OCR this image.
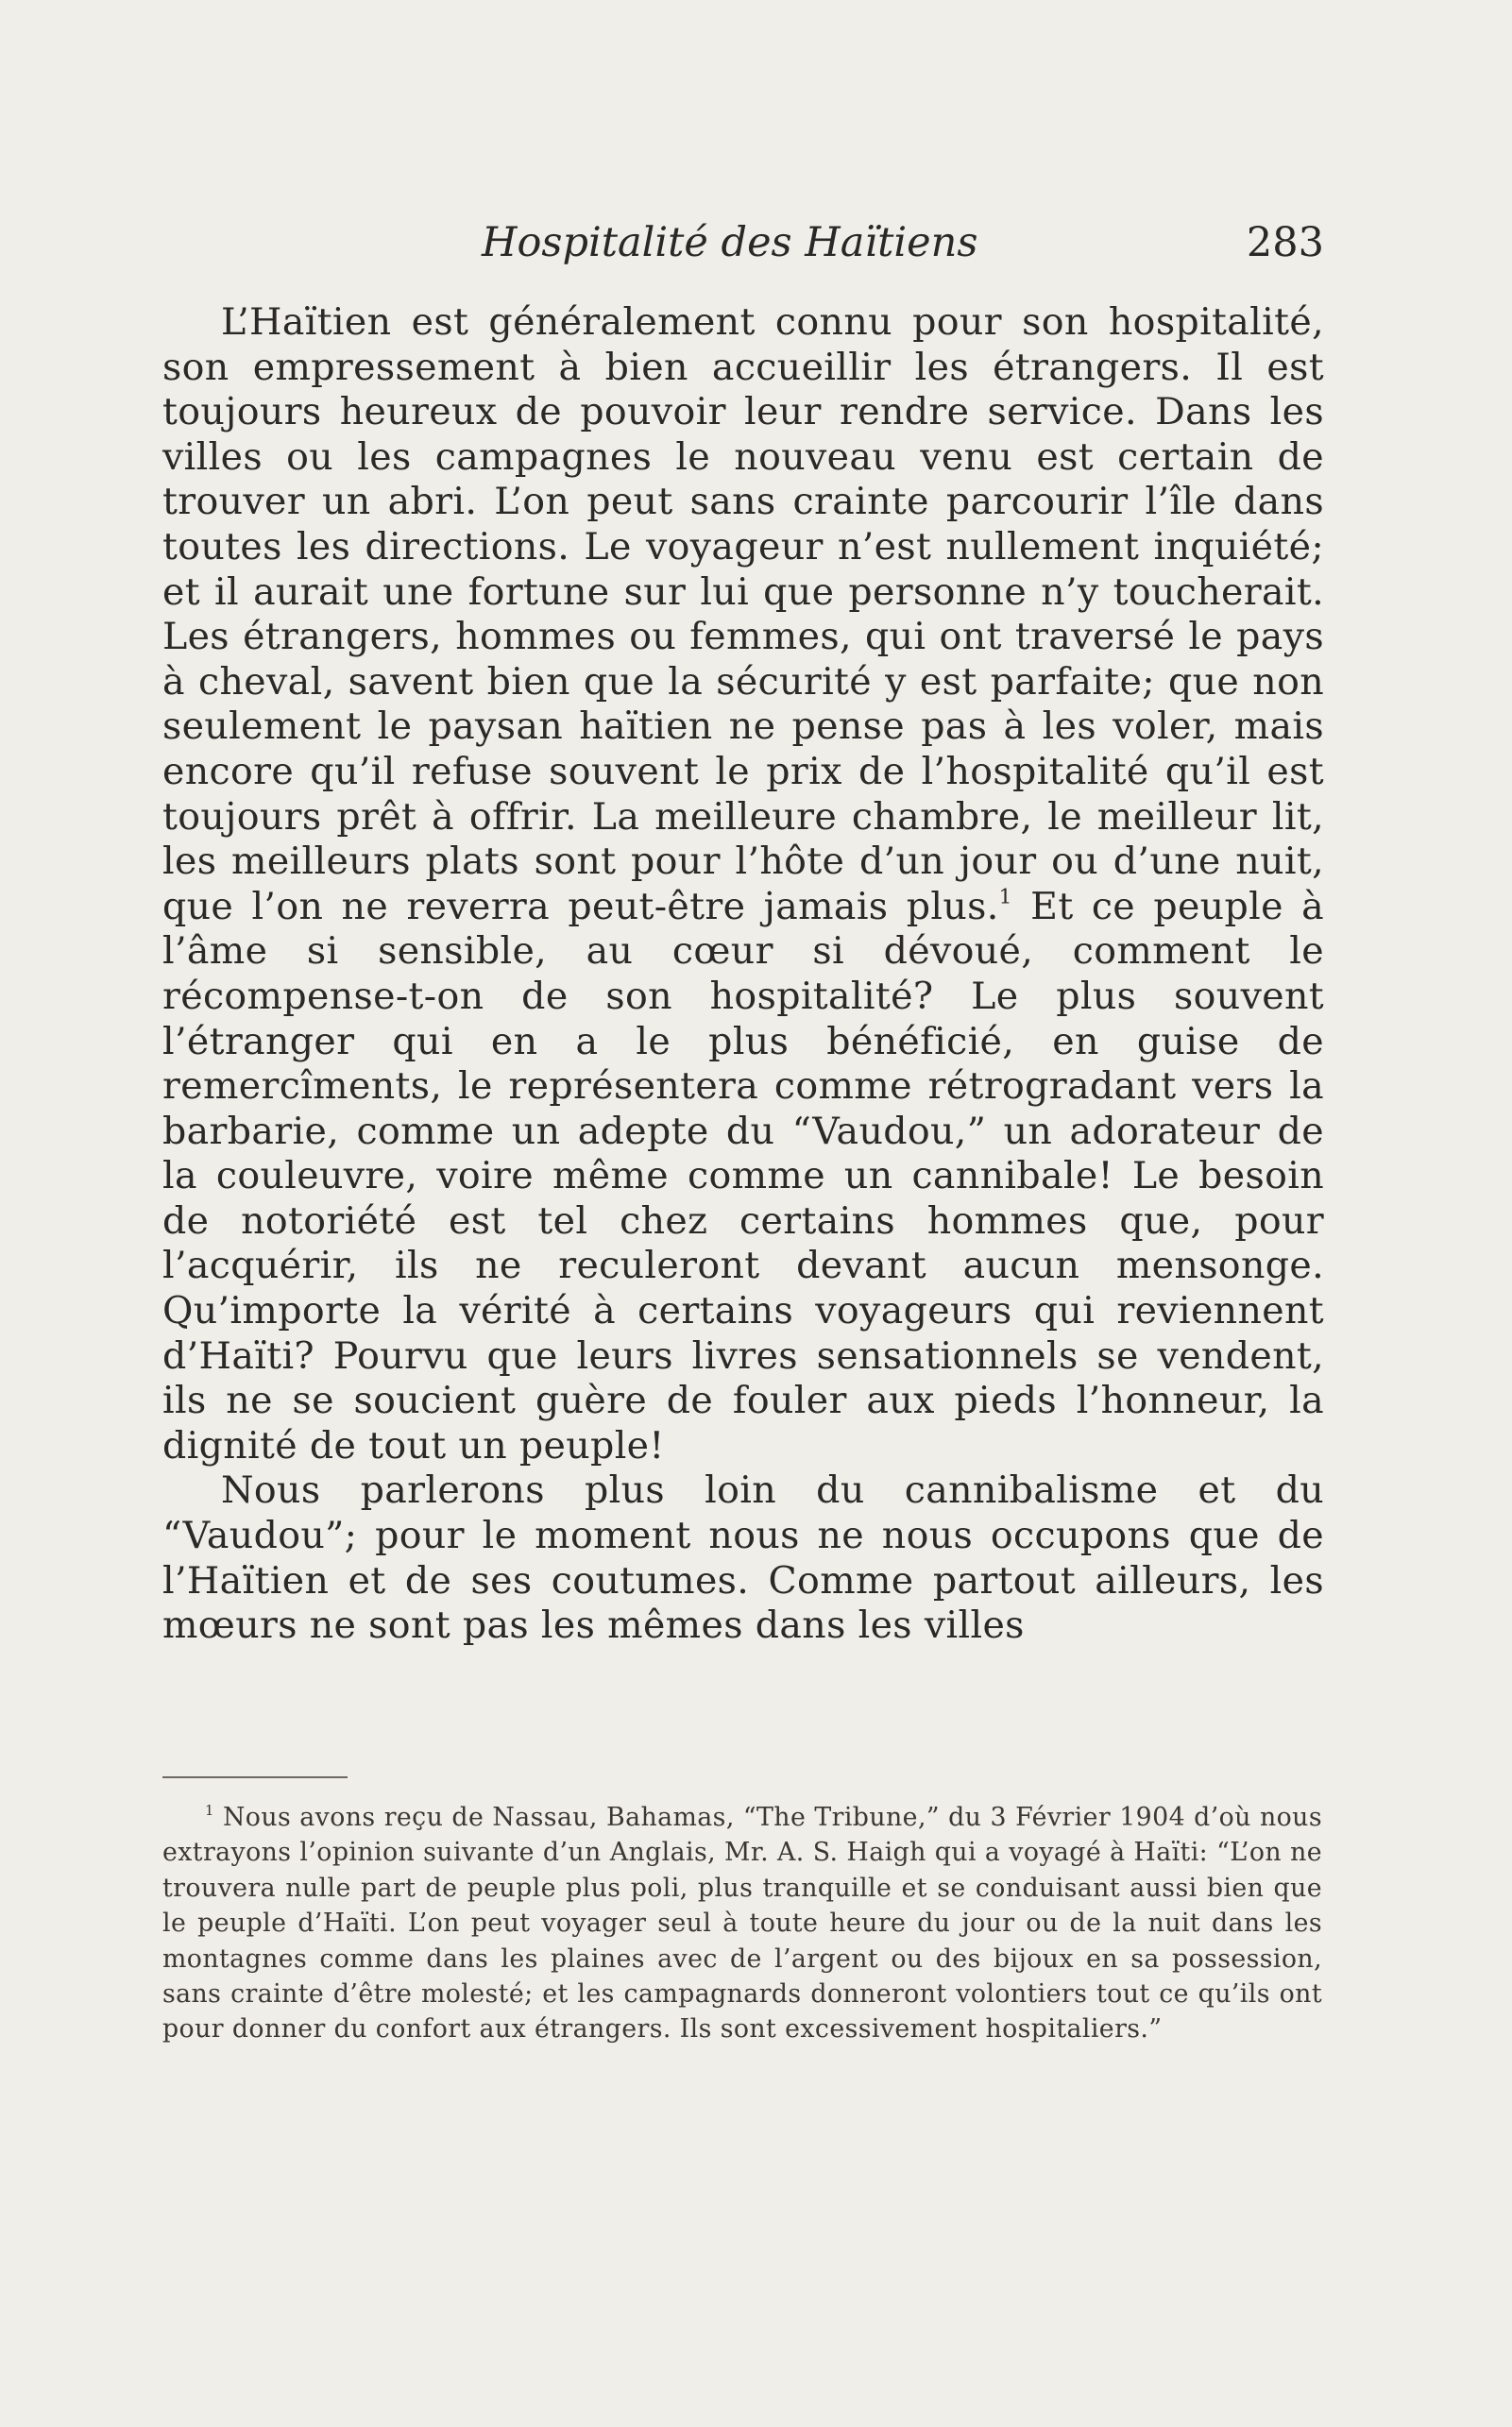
Hospitalité des Haïtiens	283

L’Haïtien est généralement connu pour son hospitalité, son empressement à bien accueillir les étrangers. Il est toujours heureux de pouvoir leur rendre service. Dans les villes ou les campagnes le nouveau venu est certain de trouver un abri. L’on peut sans crainte parcourir l’île dans toutes les directions. Le voyageur n’est nullement inquiété; et il aurait une fortune sur lui que personne n’y toucherait. Les étrangers, hommes ou femmes, qui ont traversé le pays à cheval, savent bien que la sécurité y est parfaite; que non seulement le paysan haïtien ne pense pas à les voler, mais encore qu’il refuse souvent le prix de l’hospitalité qu’il est toujours prêt à offrir. La meilleure chambre, le meilleur lit, les meilleurs plats sont pour l’hôte d’un jour ou d’une nuit, que l’on ne reverra peut-être jamais plus.$^1$ Et ce peuple à l’âme si sensible, au cœur si dévoué, comment le récompense-t-on de son hospitalité? Le plus souvent l’étranger qui en a le plus bénéficié, en guise de remercîments, le représentera comme rétrogradant vers la barbarie, comme un adepte du “Vaudou,” un adorateur de la couleuvre, voire même comme un cannibale! Le besoin de notoriété est tel chez certains hommes que, pour l’acquérir, ils ne reculeront devant aucun mensonge. Qu’importe la vérité à certains voyageurs qui reviennent d’Haïti? Pourvu que leurs livres sensationnels se vendent, ils ne se soucient guère de fouler aux pieds l’honneur, la dignité de tout un peuple!

Nous parlerons plus loin du cannibalisme et du “Vaudou”; pour le moment nous ne nous occupons que de l’Haïtien et de ses coutumes. Comme partout ailleurs, les mœurs ne sont pas les mêmes dans les villes

$^1$ Nous avons reçu de Nassau, Bahamas, “The Tribune,” du 3 Février 1904 d’où nous extrayons l’opinion suivante d’un Anglais, Mr. A. S. Haigh qui a voyagé à Haïti: “L’on ne trouvera nulle part de peuple plus poli, plus tranquille et se conduisant aussi bien que le peuple d’Haïti. L’on peut voyager seul à toute heure du jour ou de la nuit dans les montagnes comme dans les plaines avec de l’argent ou des bijoux en sa possession, sans crainte d’être molesté; et les campagnards donneront volontiers tout ce qu’ils ont pour donner du confort aux étrangers. Ils sont excessivement hospitaliers.”
